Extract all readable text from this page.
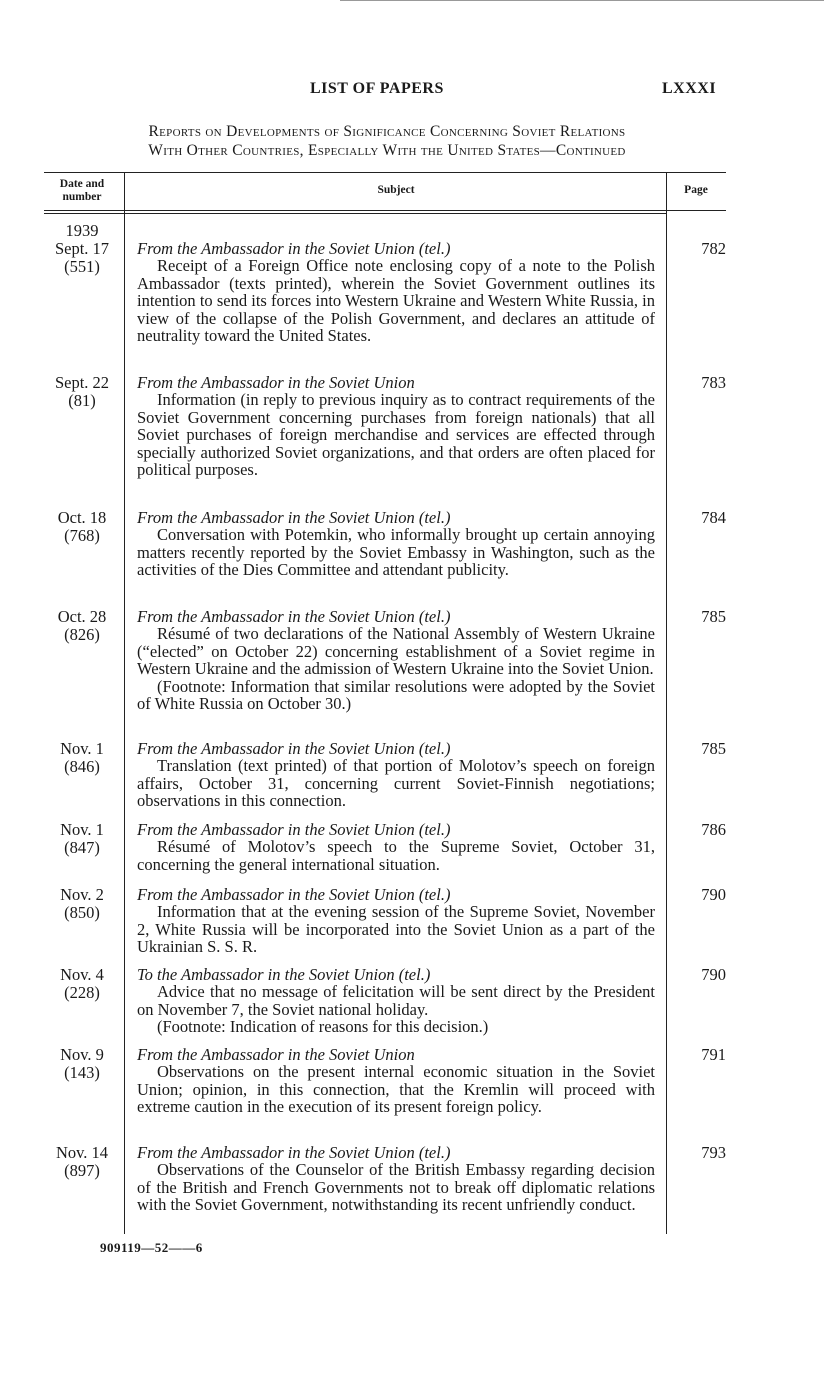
LIST OF PAPERS	LXXXI
Reports on Developments of Significance Concerning Soviet Relations
With Other Countries, Especially With the United States—Continued
Date and
number
Subject	Page
1939
Sept. 17
(551)
From the Ambassador in the Soviet Union (tel.)
Receipt of a Foreign Office note enclosing copy of a note to the Polish Ambassador (texts printed), wherein the Soviet Government outlines its intention to send its forces into Western Ukraine and Western White Russia, in view of the collapse of the Polish Government, and declares an attitude of neutrality toward the United States.
782
Sept. 22
(81)
From the Ambassador in the Soviet Union
Information (in reply to previous inquiry as to contract requirements of the Soviet Government concerning purchases from foreign nationals) that all Soviet purchases of foreign merchandise and services are effected through specially authorized Soviet organizations, and that orders are often placed for political purposes.
783
Oct. 18
(768)
From the Ambassador in the Soviet Union (tel.)
Conversation with Potemkin, who informally brought up certain annoying matters recently reported by the Soviet Embassy in Washington, such as the activities of the Dies Committee and attendant publicity.
784
Oct. 28
(826)
From the Ambassador in the Soviet Union (tel.)
Résumé of two declarations of the National Assembly of Western Ukraine (“elected” on October 22) concerning establishment of a Soviet regime in Western Ukraine and the admission of Western Ukraine into the Soviet Union.
(Footnote: Information that similar resolutions were adopted by the Soviet of White Russia on October 30.)
785
Nov. 1
(846)
From the Ambassador in the Soviet Union (tel.)
Translation (text printed) of that portion of Molotov’s speech on foreign affairs, October 31, concerning current Soviet-Finnish negotiations; observations in this connection.
785
Nov. 1
(847)
From the Ambassador in the Soviet Union (tel.)
Résumé of Molotov’s speech to the Supreme Soviet, October 31, concerning the general international situation.
786
Nov. 2
(850)
From the Ambassador in the Soviet Union (tel.)
Information that at the evening session of the Supreme Soviet, November 2, White Russia will be incorporated into the Soviet Union as a part of the Ukrainian S. S. R.
790
Nov. 4
(228)
To the Ambassador in the Soviet Union (tel.)
Advice that no message of felicitation will be sent direct by the President on November 7, the Soviet national holiday.
(Footnote: Indication of reasons for this decision.)
790
Nov. 9
(143)
From the Ambassador in the Soviet Union
Observations on the present internal economic situation in the Soviet Union; opinion, in this connection, that the Kremlin will proceed with extreme caution in the execution of its present foreign policy.
791
Nov. 14
(897)
From the Ambassador in the Soviet Union (tel.)
Observations of the Counselor of the British Embassy regarding decision of the British and French Governments not to break off diplomatic relations with the Soviet Government, notwithstanding its recent unfriendly conduct.
793
909119—52——6
